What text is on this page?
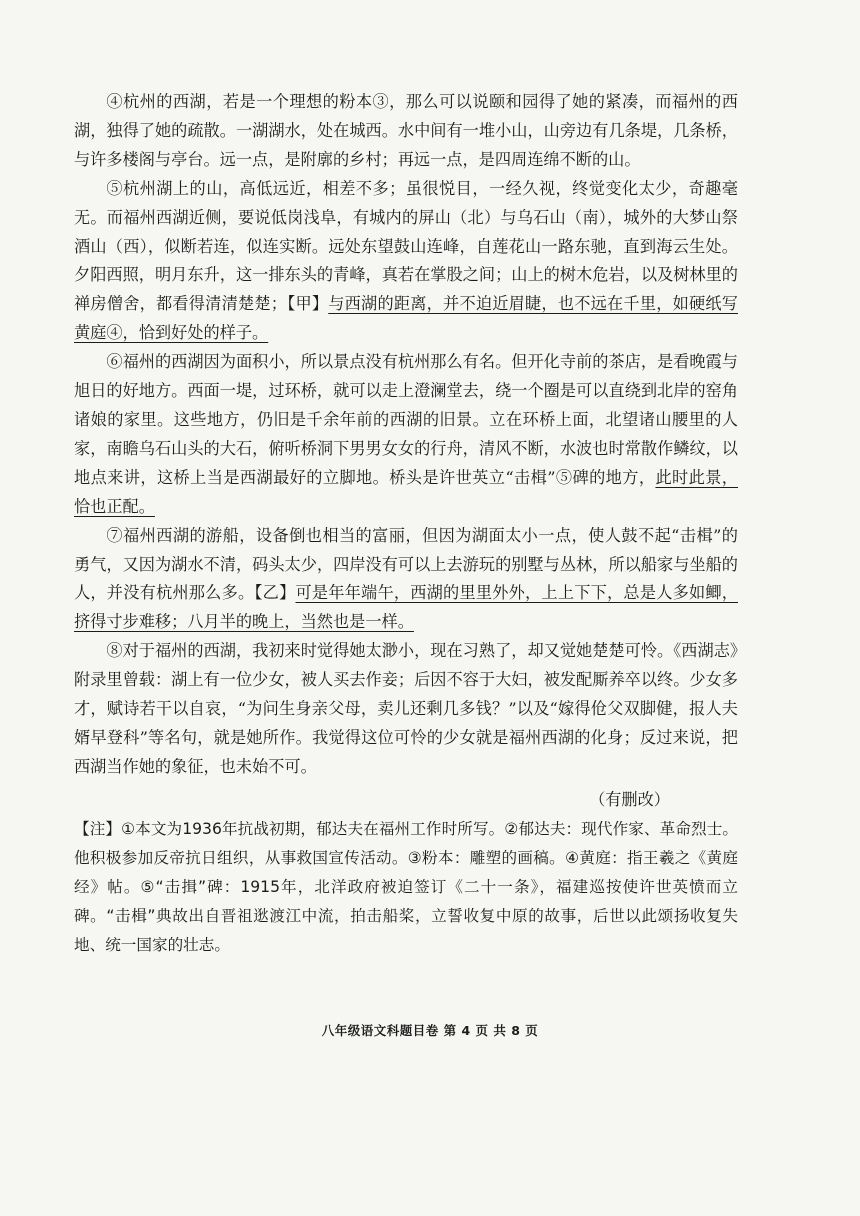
④杭州的西湖，若是一个理想的粉本③，那么可以说颐和园得了她的紧凑，而福州的西湖，独得了她的疏散。一湖湖水，处在城西。水中间有一堆小山，山旁边有几条堤，几条桥，与许多楼阁与亭台。远一点，是附廓的乡村；再远一点，是四周连绵不断的山。

⑤杭州湖上的山，高低远近，相差不多；虽很悦目，一经久视，终觉变化太少，奇趣毫无。而福州西湖近侧，要说低岗浅阜，有城内的屏山（北）与乌石山（南），城外的大梦山祭酒山（西），似断若连，似连实断。远处东望鼓山连峰，自莲花山一路东驰，直到海云生处。夕阳西照，明月东升，这一排东头的青峰，真若在掌股之间；山上的树木危岩，以及树林里的禅房僧舍，都看得清清楚楚；【甲】与西湖的距离，并不迫近眉睫，也不远在千里，如硬纸写黄庭④，恰到好处的样子。

⑥福州的西湖因为面积小，所以景点没有杭州那么有名。但开化寺前的茶店，是看晚霞与旭日的好地方。西面一堤，过环桥，就可以走上澄澜堂去，绕一个圈是可以直绕到北岸的窑角诸娘的家里。这些地方，仍旧是千余年前的西湖的旧景。立在环桥上面，北望诸山腰里的人家，南瞻乌石山头的大石，俯听桥洞下男男女女的行舟，清风不断，水波也时常散作鳞纹，以地点来讲，这桥上当是西湖最好的立脚地。桥头是许世英立“击楫”⑤碑的地方，此时此景，恰也正配。

⑦福州西湖的游船，设备倒也相当的富丽，但因为湖面太小一点，使人鼓不起“击楫”的勇气，又因为湖水不清，码头太少，四岸没有可以上去游玩的别墅与丛林，所以船家与坐船的人，并没有杭州那么多。【乙】可是年年端午，西湖的里里外外，上上下下，总是人多如鲫，挤得寸步难移；八月半的晚上，当然也是一样。

⑧对于福州的西湖，我初来时觉得她太渺小，现在习熟了，却又觉她楚楚可怜。《西湖志》附录里曾载：湖上有一位少女，被人买去作妾；后因不容于大妇，被发配厮养卒以终。少女多才，赋诗若干以自哀，“为问生身亲父母，卖儿还剩几多钱？”以及“嫁得伧父双脚健，报人夫婿早登科”等名句，就是她所作。我觉得这位可怜的少女就是福州西湖的化身；反过来说，把西湖当作她的象征，也未始不可。

（有删改）

【注】①本文为1936年抗战初期，郁达夫在福州工作时所写。②郁达夫：现代作家、革命烈士。他积极参加反帝抗日组织，从事救国宣传活动。③粉本：雕塑的画稿。④黄庭：指王羲之《黄庭经》帖。⑤“击揖”碑：1915年，北洋政府被迫签订《二十一条》，福建巡按使许世英愤而立碑。“击楫”典故出自晋祖逖渡江中流，拍击船桨，立誓收复中原的故事，后世以此颂扬收复失地、统一国家的壮志。

八年级语文科题目卷 第 4 页 共 8 页
